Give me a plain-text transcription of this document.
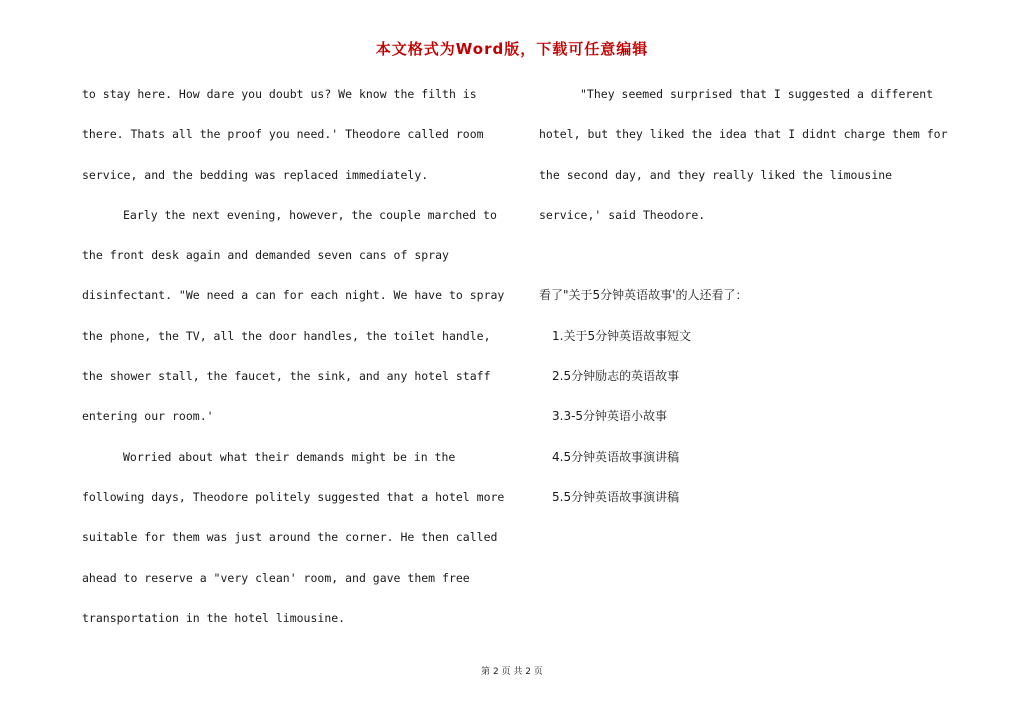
本文格式为Word版，下载可任意编辑
to stay here. How dare you doubt us? We know the filth is
there. Thats all the proof you need.' Theodore called room
service, and the bedding was replaced immediately.
Early the next evening, however, the couple marched to
the front desk again and demanded seven cans of spray
disinfectant. "We need a can for each night. We have to spray
the phone, the TV, all the door handles, the toilet handle,
the shower stall, the faucet, the sink, and any hotel staff
entering our room.'
Worried about what their demands might be in the
following days, Theodore politely suggested that a hotel more
suitable for them was just around the corner. He then called
ahead to reserve a "very clean' room, and gave them free
transportation in the hotel limousine.
"They seemed surprised that I suggested a different
hotel, but they liked the idea that I didnt charge them for
the second day, and they really liked the limousine
service,' said Theodore.
看了"关于5分钟英语故事'的人还看了：
1.关于5分钟英语故事短文
2.5分钟励志的英语故事
3.3-5分钟英语小故事
4.5分钟英语故事演讲稿
5.5分钟英语故事演讲稿
第 2 页 共 2 页
